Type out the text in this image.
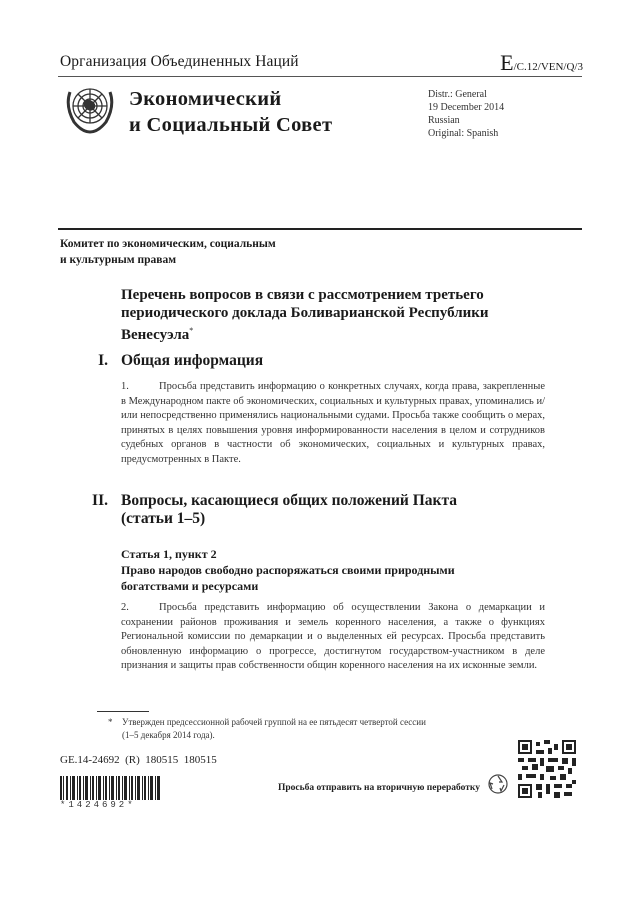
Организация Объединенных Наций	E/C.12/VEN/Q/3
Экономический
и Социальный Совет
Distr.: General
19 December 2014
Russian
Original: Spanish
Комитет по экономическим, социальным
и культурным правам
Перечень вопросов в связи с рассмотрением третьего
периодического доклада Боливарианской Республики
Венесуэла*
I. Общая информация
1.	Просьба представить информацию о конкретных случаях, когда права, закрепленные в Международном пакте об экономических, социальных и культурных правах, упоминались и/или непосредственно применялись национальными судами. Просьба также сообщить о мерах, принятых в целях повышения уровня информированности населения в целом и сотрудников судебных органов в частности об экономических, социальных и культурных правах, предусмотренных в Пакте.
II. Вопросы, касающиеся общих положений Пакта
(статьи 1–5)
Статья 1, пункт 2
Право народов свободно распоряжаться своими природными
богатствами и ресурсами
2.	Просьба представить информацию об осуществлении Закона о демаркации и сохранении районов проживания и земель коренного населения, а также о функциях Региональной комиссии по демаркации и о выделенных ей ресурсах. Просьба представить обновленную информацию о прогрессе, достигнутом государством-участником в деле признания и защиты прав собственности общин коренного населения на их исконные земли.
* Утвержден предсессионной рабочей группой на ее пятьдесят четвертой сессии
(1–5 декабря 2014 года).
GE.14-24692  (R)  180515  180515
*1424692*
Просьба отправить на вторичную переработку
